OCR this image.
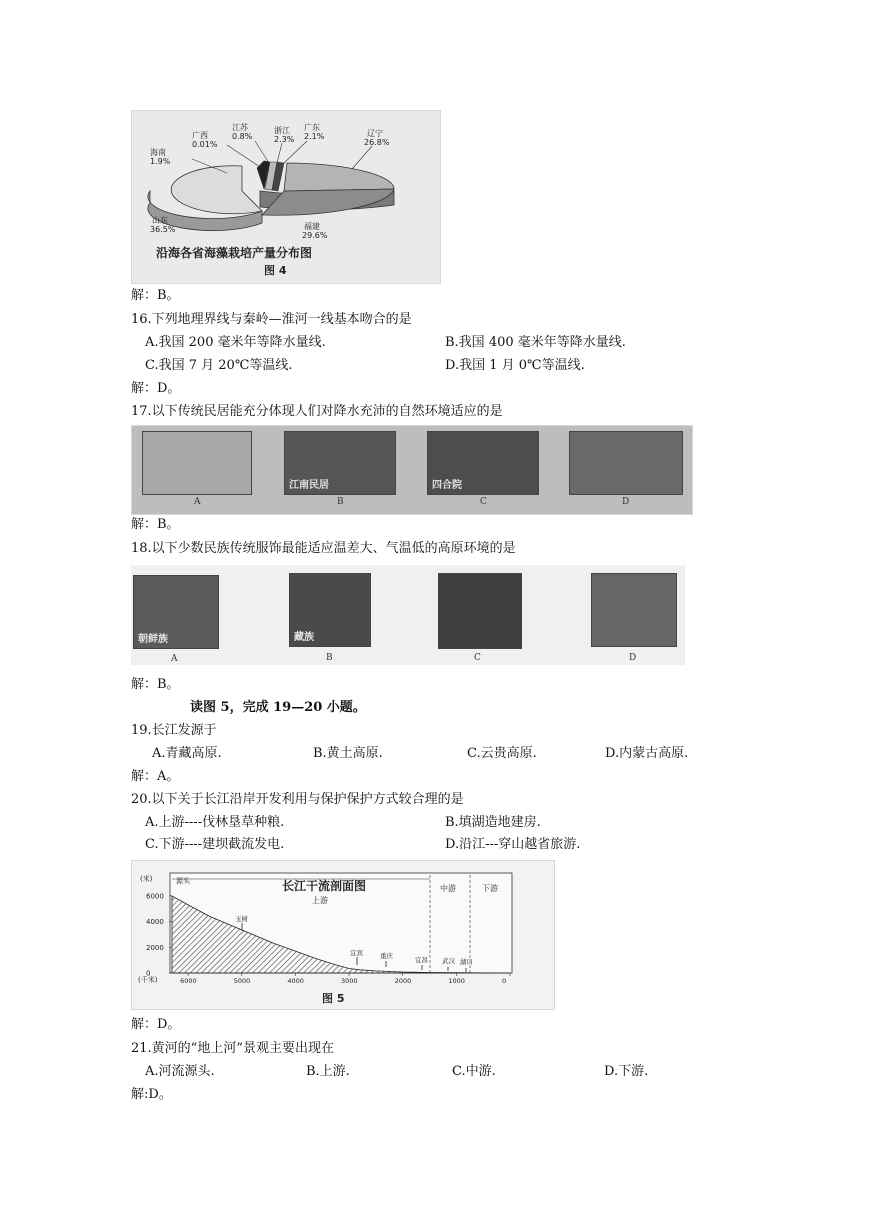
海南
1.9%
广西
0.01%
江苏
0.8%
浙江
2.3%
广东
2.1%	辽宁
26.8%
福建
29.6%
山东
36.5%
沿海各省海藻栽培产量分布图
图 4
解：B。
16.下列地理界线与秦岭—淮河一线基本吻合的是
A.我国 200 毫米年等降水量线.	B.我国 400 毫米年等降水量线.
C.我国 7 月 20℃等温线.	D.我国 1 月 0℃等温线.
解：D。
17.以下传统民居能充分体现人们对降水充沛的自然环境适应的是
江南民居	四合院
A	B	C	D
解：B。
18.以下少数民族传统服饰最能适应温差大、气温低的高原环境的是
朝鲜族	藏族
A	B	C	D
解：B。
读图 5，完成 19—20 小题。
19.长江发源于
A.青藏高原.	B.黄土高原.	C.云贵高原.	D.内蒙古高原.
解：A。
20.以下关于长江沿岸开发利用与保护保护方式较合理的是
A.上游----伐林垦草种粮.	B.填湖造地建房.
C.下游----建坝截流发电.	D.沿江---穿山越省旅游.
长江干流剖面图
(米)
(千米)
源头
上游
中游	下游
0
2000
4000
6000
6000	5000	4000	3000	2000	1000	0
玉树
宜宾	重庆	宜昌 武汉 湖口
图 5
解：D。
21.黄河的“地上河”景观主要出现在
A.河流源头.	B.上游.	C.中游.	D.下游.
解:D。
